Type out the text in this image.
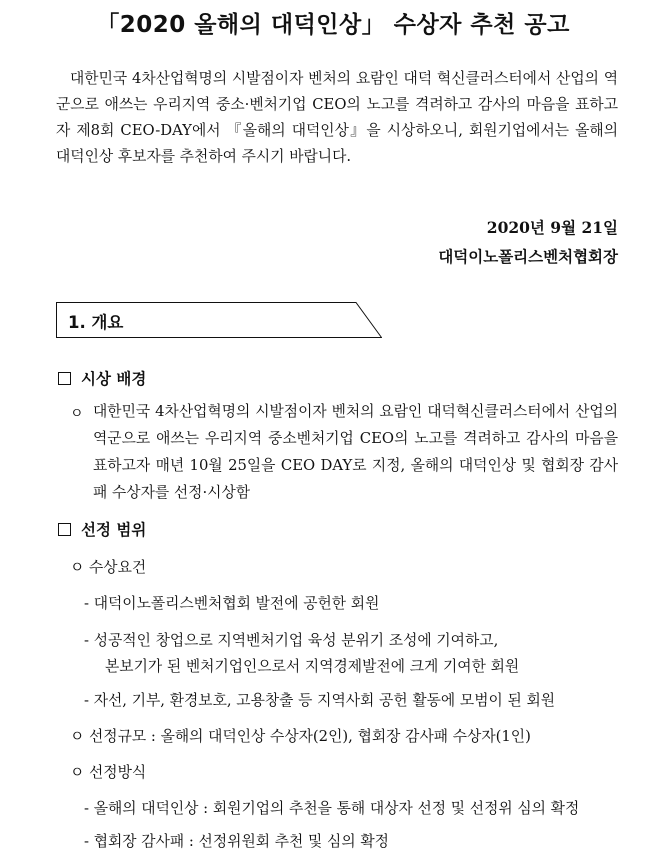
「2020 올해의 대덕인상」 수상자 추천 공고

대한민국 4차산업혁명의 시발점이자 벤처의 요람인 대덕 혁신클러스터에서 산업의 역군으로 애쓰는 우리지역 중소·벤처기업 CEO의 노고를 격려하고 감사의 마음을 표하고자 제8회 CEO-DAY에서 『올해의 대덕인상』을 시상하오니, 회원기업에서는 올해의 대덕인상 후보자를 추천하여 주시기 바랍니다.

2020년 9월 21일
대덕이노폴리스벤처협회장
1. 개요
시상 배경
ㅇ 대한민국 4차산업혁명의 시발점이자 벤처의 요람인 대덕혁신클러스터에서 산업의 역군으로 애쓰는 우리지역 중소벤처기업 CEO의 노고를 격려하고 감사의 마음을 표하고자 매년 10월 25일을 CEO DAY로 지정, 올해의 대덕인상 및 협회장 감사패 수상자를 선정·시상함

선정 범위
ㅇ 수상요건
- 대덕이노폴리스벤처협회 발전에 공헌한 회원
- 성공적인 창업으로 지역벤처기업 육성 분위기 조성에 기여하고,
본보기가 된 벤처기업인으로서 지역경제발전에 크게 기여한 회원
- 자선, 기부, 환경보호, 고용창출 등 지역사회 공헌 활동에 모범이 된 회원
ㅇ 선정규모 : 올해의 대덕인상 수상자(2인), 협회장 감사패 수상자(1인)
ㅇ 선정방식
- 올해의 대덕인상 : 회원기업의 추천을 통해 대상자 선정 및 선정위 심의 확정
- 협회장 감사패 : 선정위원회 추천 및 심의 확정
